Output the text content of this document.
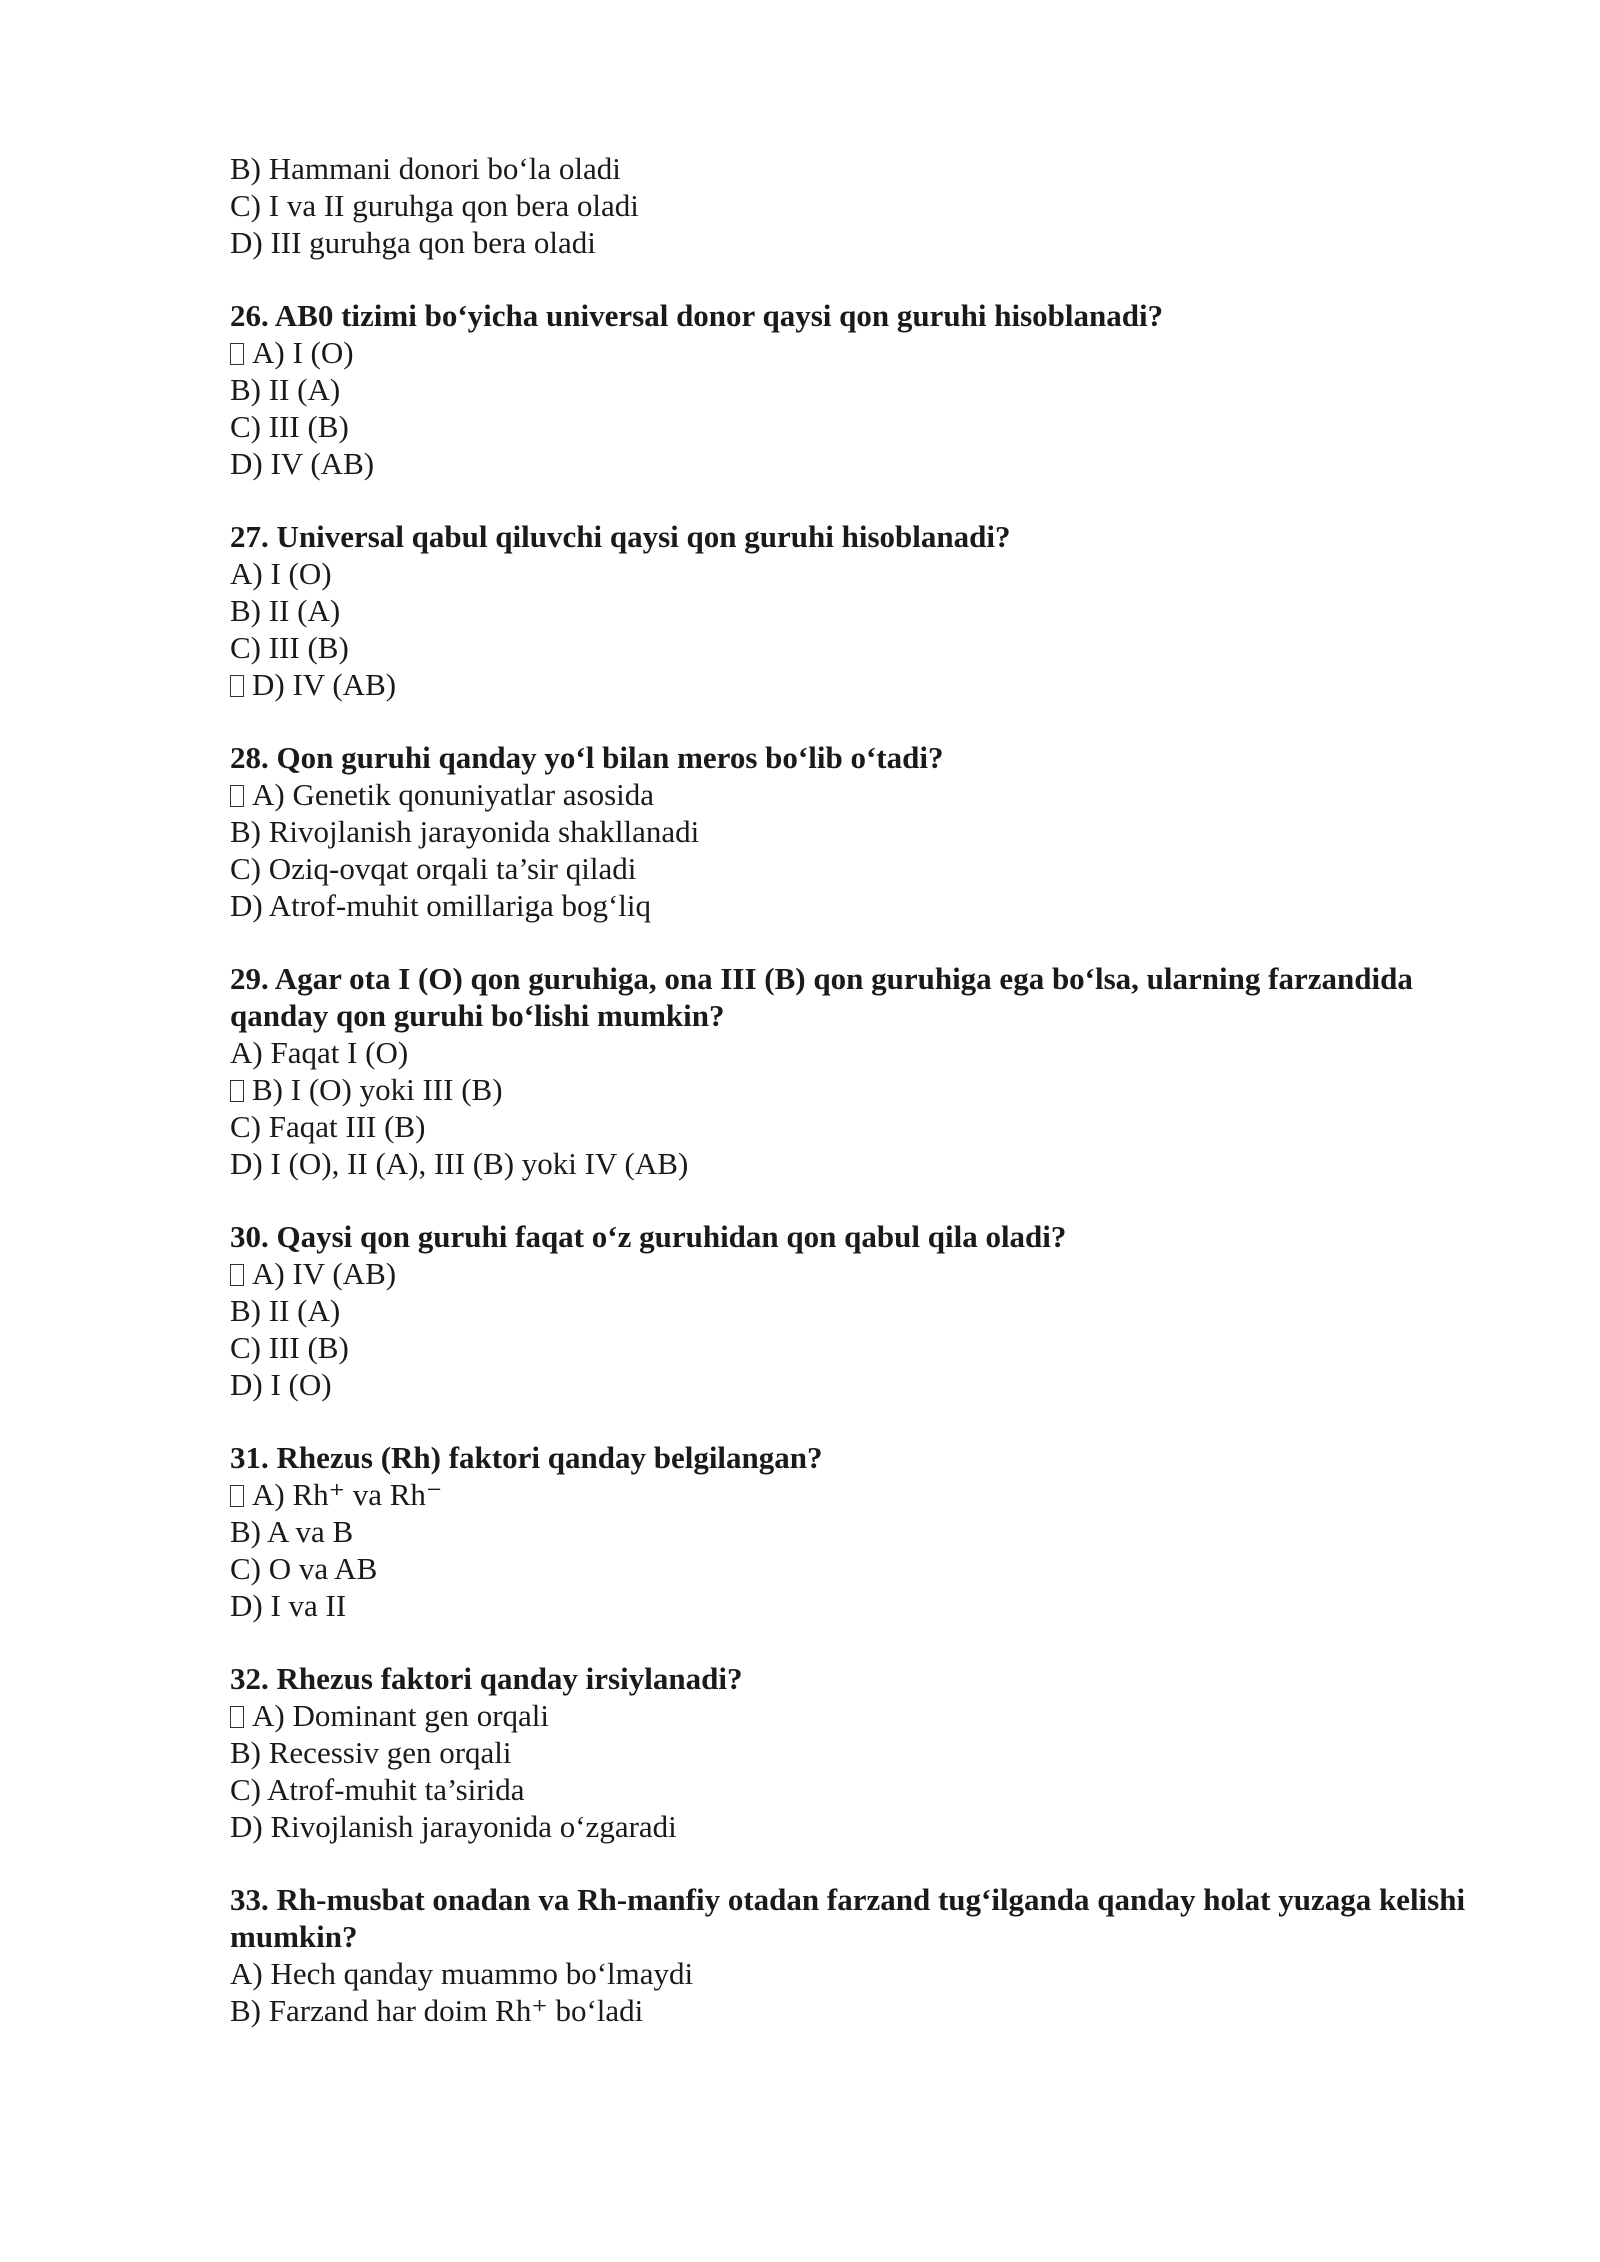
B) Hammani donori bo‘la oladi

C) I va II guruhga qon bera oladi

D) III guruhga qon bera oladi

26. AB0 tizimi bo‘yicha universal donor qaysi qon guruhi hisoblanadi?

A) I (O)

B) II (A)

C) III (B)

D) IV (AB)

27. Universal qabul qiluvchi qaysi qon guruhi hisoblanadi?

A) I (O)

B) II (A)

C) III (B)

D) IV (AB)

28. Qon guruhi qanday yo‘l bilan meros bo‘lib o‘tadi?

A) Genetik qonuniyatlar asosida

B) Rivojlanish jarayonida shakllanadi

C) Oziq-ovqat orqali ta’sir qiladi

D) Atrof-muhit omillariga bog‘liq

29. Agar ota I (O) qon guruhiga, ona III (B) qon guruhiga ega bo‘lsa, ularning farzandida qanday qon guruhi bo‘lishi mumkin?

A) Faqat I (O)

B) I (O) yoki III (B)

C) Faqat III (B)

D) I (O), II (A), III (B) yoki IV (AB)

30. Qaysi qon guruhi faqat o‘z guruhidan qon qabul qila oladi?

A) IV (AB)

B) II (A)

C) III (B)

D) I (O)

31. Rhezus (Rh) faktori qanday belgilangan?

A) Rh⁺ va Rh⁻

B) A va B

C) O va AB

D) I va II

32. Rhezus faktori qanday irsiylanadi?

A) Dominant gen orqali

B) Recessiv gen orqali

C) Atrof-muhit ta’sirida

D) Rivojlanish jarayonida o‘zgaradi

33. Rh-musbat onadan va Rh-manfiy otadan farzand tug‘ilganda qanday holat yuzaga kelishi mumkin?

A) Hech qanday muammo bo‘lmaydi

B) Farzand har doim Rh⁺ bo‘ladi
